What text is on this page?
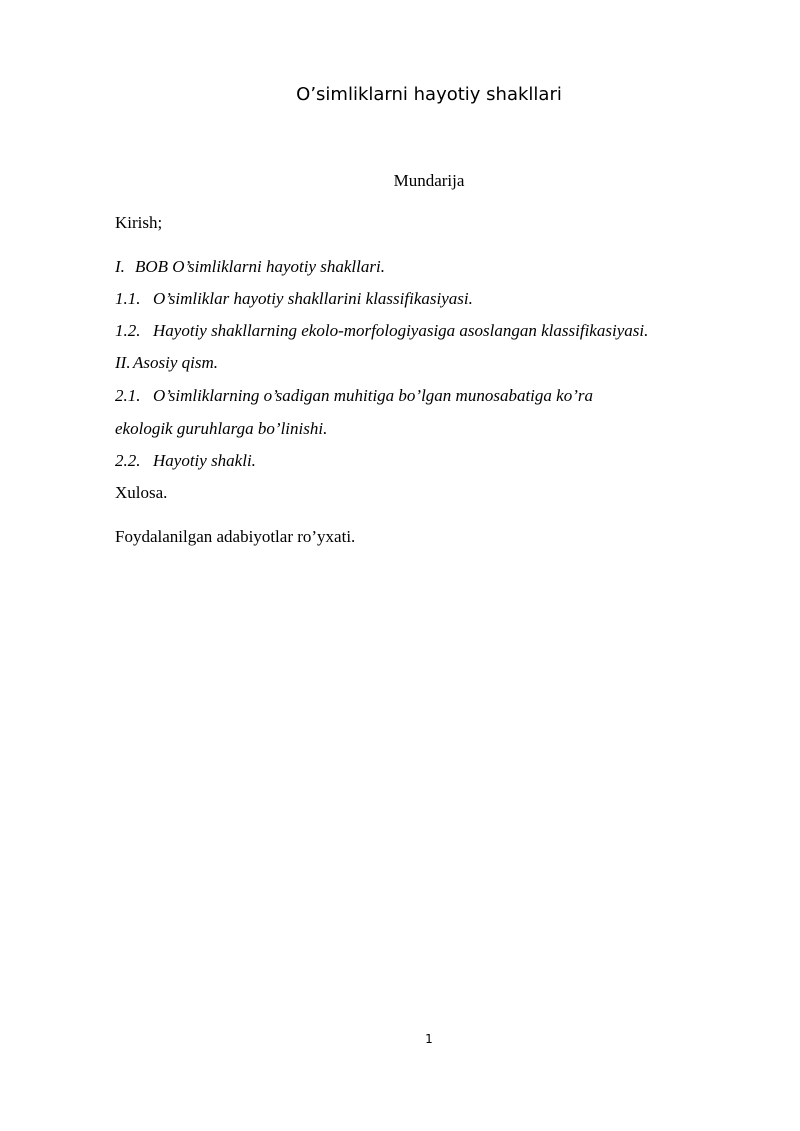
O’simliklarni hayotiy shakllari
Mundarija
Kirish;
I. BOB O’simliklarni hayotiy shakllari.
1.1. O’simliklar hayotiy shakllarini klassifikasiyasi.
1.2. Hayotiy shakllarning ekolo-morfologiyasiga asoslangan klassifikasiyasi.
II. Asosiy qism.
2.1. O’simliklarning o’sadigan muhitiga bo’lgan munosabatiga ko’ra
ekologik guruhlarga bo’linishi.
2.2. Hayotiy shakli.
Xulosa.
Foydalanilgan adabiyotlar ro’yxati.
1
